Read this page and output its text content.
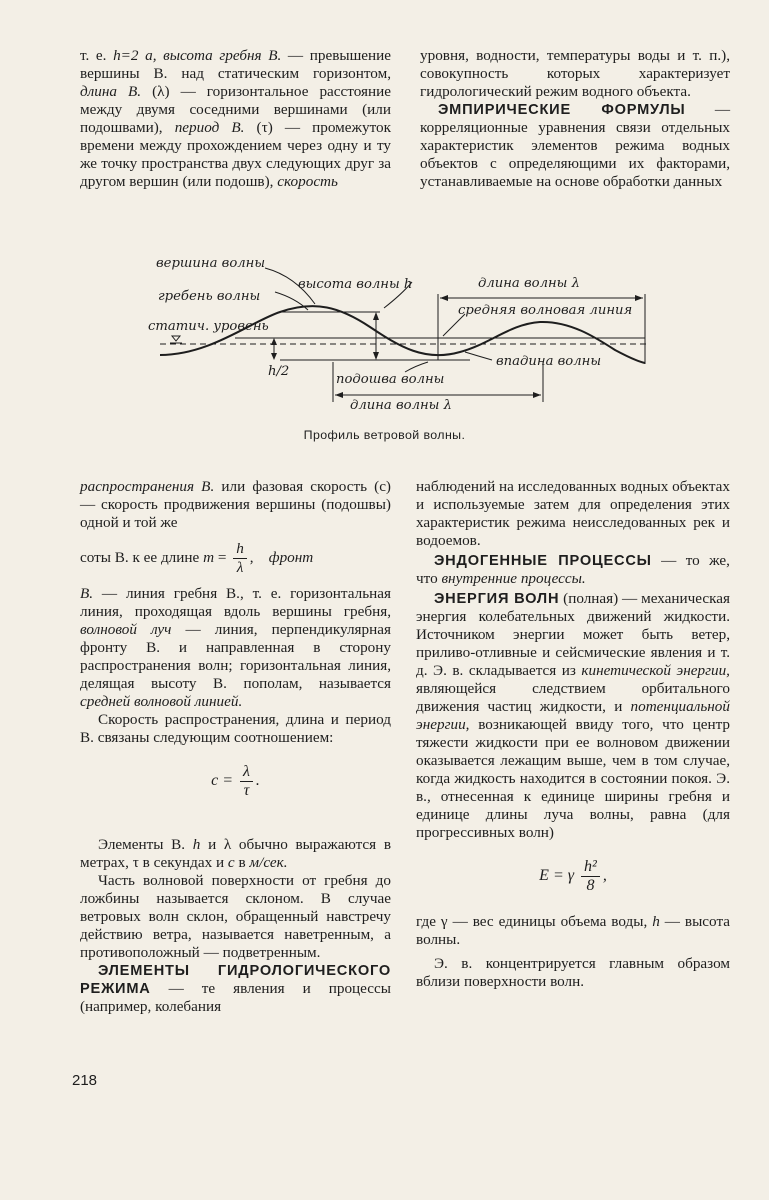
т. е. h=2 a, высота гребня В. — превышение вершины В. над статическим горизонтом, длина В. (λ) — горизонтальное расстояние между двумя соседними вершинами (или подошвами), период В. (τ) — промежуток времени между прохождением через одну и ту же точку пространства двух следующих друг за другом вершин (или подошв), скорость

уровня, водности, температуры воды и т. п.), совокупность которых характеризует гидрологический режим водного объекта.

ЭМПИРИЧЕСКИЕ ФОРМУЛЫ — корреляционные уравнения связи отдельных характеристик элементов режима водных объектов с определяющими их факторами, устанавливаемые на основе обработки данных

вершина волны
высота волны h
гребень волны
длина волны λ
средняя волновая линия
статич. уровень
h/2
впадина волны
подошва волны
длина волны λ
Профиль ветровой волны.

распространения В. или фазовая скорость (c) — скорость продвижения вершины (подошвы) одной и той же

соты В. к ее длине $m = \frac{h}{\lambda}$ , фронт

В. — линия гребня В., т. е. горизонтальная линия, проходящая вдоль вершины гребня, волновой луч — линия, перпендикулярная фронту В. и направленная в сторону распространения волн; горизонтальная линия, делящая высоту В. пополам, называется средней волновой линией.

Скорость распространения, длина и период В. связаны следующим соотношением:

$c = \frac{\lambda}{\tau}$ .

Элементы В. h и λ обычно выражаются в метрах, τ в секундах и c в м/сек.

Часть волновой поверхности от гребня до ложбины называется склоном. В случае ветровых волн склон, обращенный навстречу действию ветра, называется наветренным, а противоположный — подветренным.

ЭЛЕМЕНТЫ ГИДРОЛОГИЧЕСКОГО РЕЖИМА — те явления и процессы (например, колебания

наблюдений на исследованных водных объектах и используемые затем для определения этих характеристик режима неисследованных рек и водоемов.

ЭНДОГЕННЫЕ ПРОЦЕССЫ — то же, что внутренние процессы.

ЭНЕРГИЯ ВОЛН (полная) — механическая энергия колебательных движений жидкости. Источником энергии может быть ветер, приливо-отливные и сейсмические явления и т. д. Э. в. складывается из кинетической энергии, являющейся следствием орбитального движения частиц жидкости, и потенциальной энергии, возникающей ввиду того, что центр тяжести жидкости при ее волновом движении оказывается лежащим выше, чем в том случае, когда жидкость находится в состоянии покоя. Э. в., отнесенная к единице ширины гребня и единице длины луча волны, равна (для прогрессивных волн)

E = γ $\frac{\text{h²}}{8}$ ,

где γ — вес единицы объема воды, h — высота волны.

Э. в. концентрируется главным образом вблизи поверхности волн.

218
